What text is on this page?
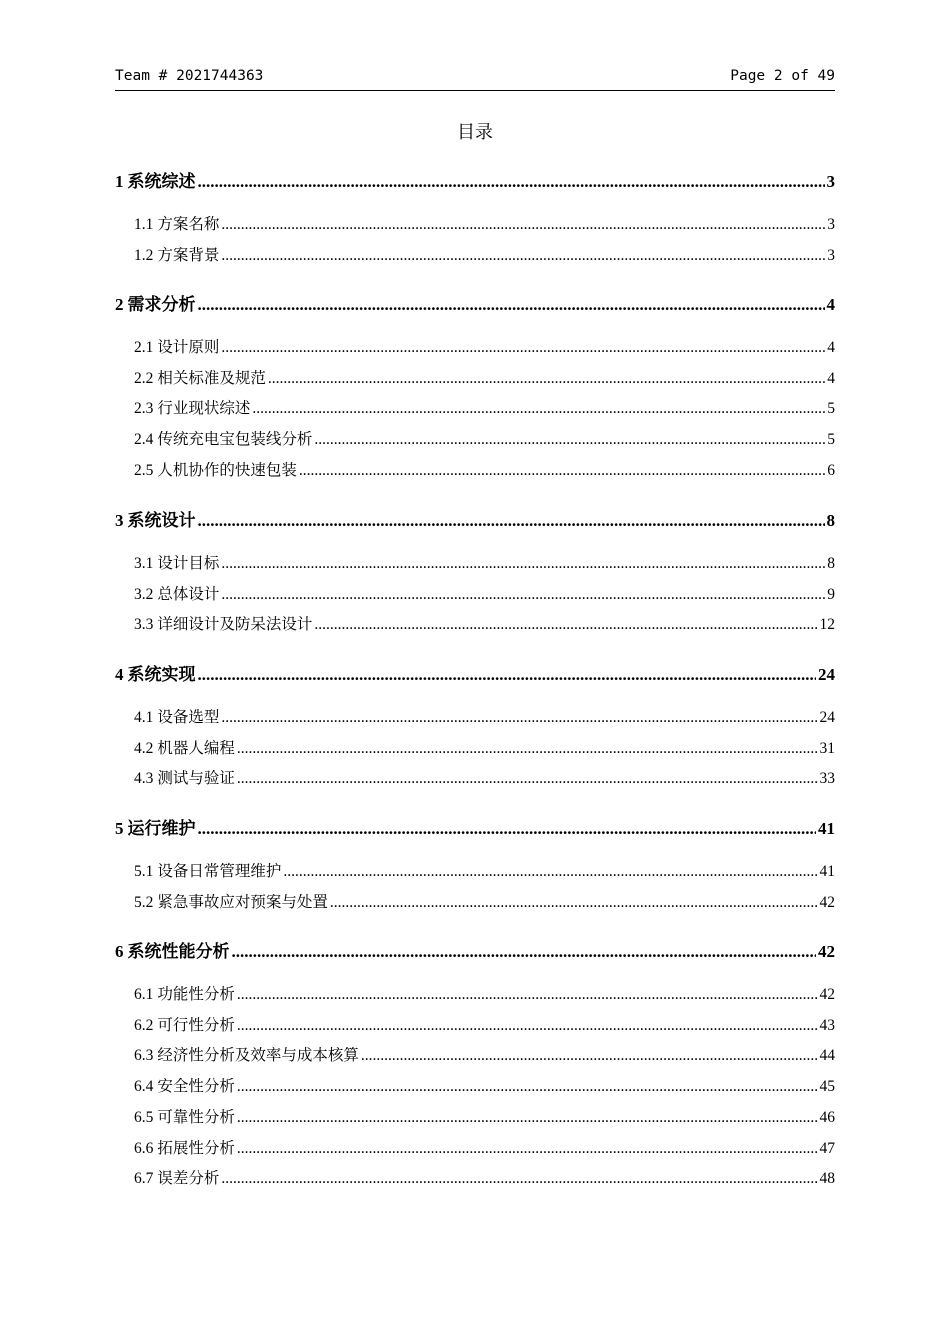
Team # 2021744363	Page 2 of 49
目录
1 系统综述 .....	3
1.1 方案名称 .....	3
1.2 方案背景 .....	3
2 需求分析 .....	4
2.1 设计原则 .....	4
2.2 相关标准及规范 .....	4
2.3 行业现状综述 .....	5
2.4 传统充电宝包装线分析 .....	5
2.5 人机协作的快速包装 .....	6
3 系统设计 .....	8
3.1 设计目标 .....	8
3.2 总体设计 .....	9
3.3 详细设计及防呆法设计 .....	12
4 系统实现 .....	24
4.1 设备选型 .....	24
4.2 机器人编程 .....	31
4.3 测试与验证 .....	33
5 运行维护 .....	41
5.1 设备日常管理维护 .....	41
5.2 紧急事故应对预案与处置 .....	42
6 系统性能分析 .....	42
6.1 功能性分析 .....	42
6.2 可行性分析 .....	43
6.3 经济性分析及效率与成本核算 .....	44
6.4 安全性分析 .....	45
6.5 可靠性分析 .....	46
6.6 拓展性分析 .....	47
6.7 误差分析 .....	48
